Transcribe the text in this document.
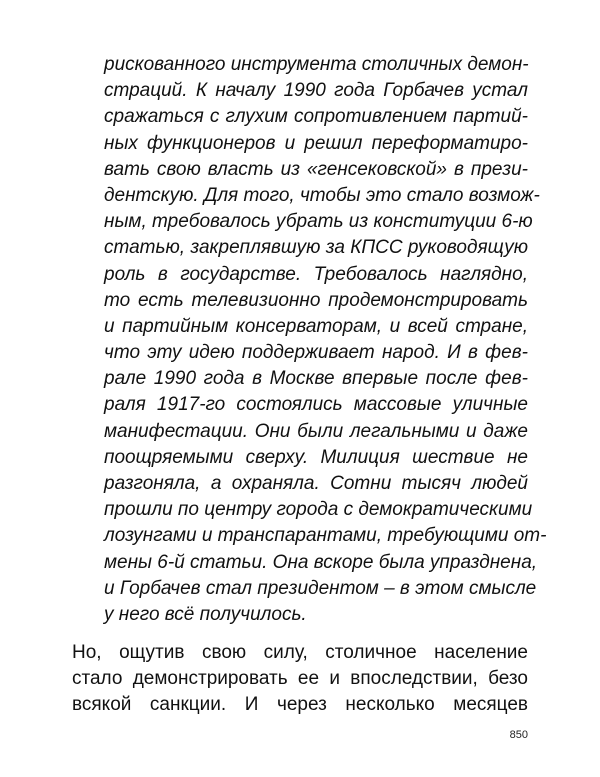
рискованного инструмента столичных демон-
страций. К началу 1990 года Горбачев устал
сражаться с глухим сопротивлением партий-
ных функционеров и решил переформатиро-
вать свою власть из «генсековской» в прези-
дентскую. Для того, чтобы это стало возмож-
ным, требовалось убрать из конституции 6-ю
статью, закреплявшую за КПСС руководящую
роль в государстве. Требовалось наглядно,
то есть телевизионно продемонстрировать
и партийным консерваторам, и всей стране,
что эту идею поддерживает народ. И в фев-
рале 1990 года в Москве впервые после фев-
раля 1917-го состоялись массовые уличные
манифестации. Они были легальными и даже
поощряемыми сверху. Милиция шествие не
разгоняла, а охраняла. Сотни тысяч людей
прошли по центру города с демократическими
лозунгами и транспарантами, требующими от-
мены 6-й статьи. Она вскоре была упразднена,
и Горбачев стал президентом – в этом смысле
у него всё получилось.
Но, ощутив свою силу, столичное население
стало демонстрировать ее и впоследствии, безо
всякой санкции. И через несколько месяцев
850
